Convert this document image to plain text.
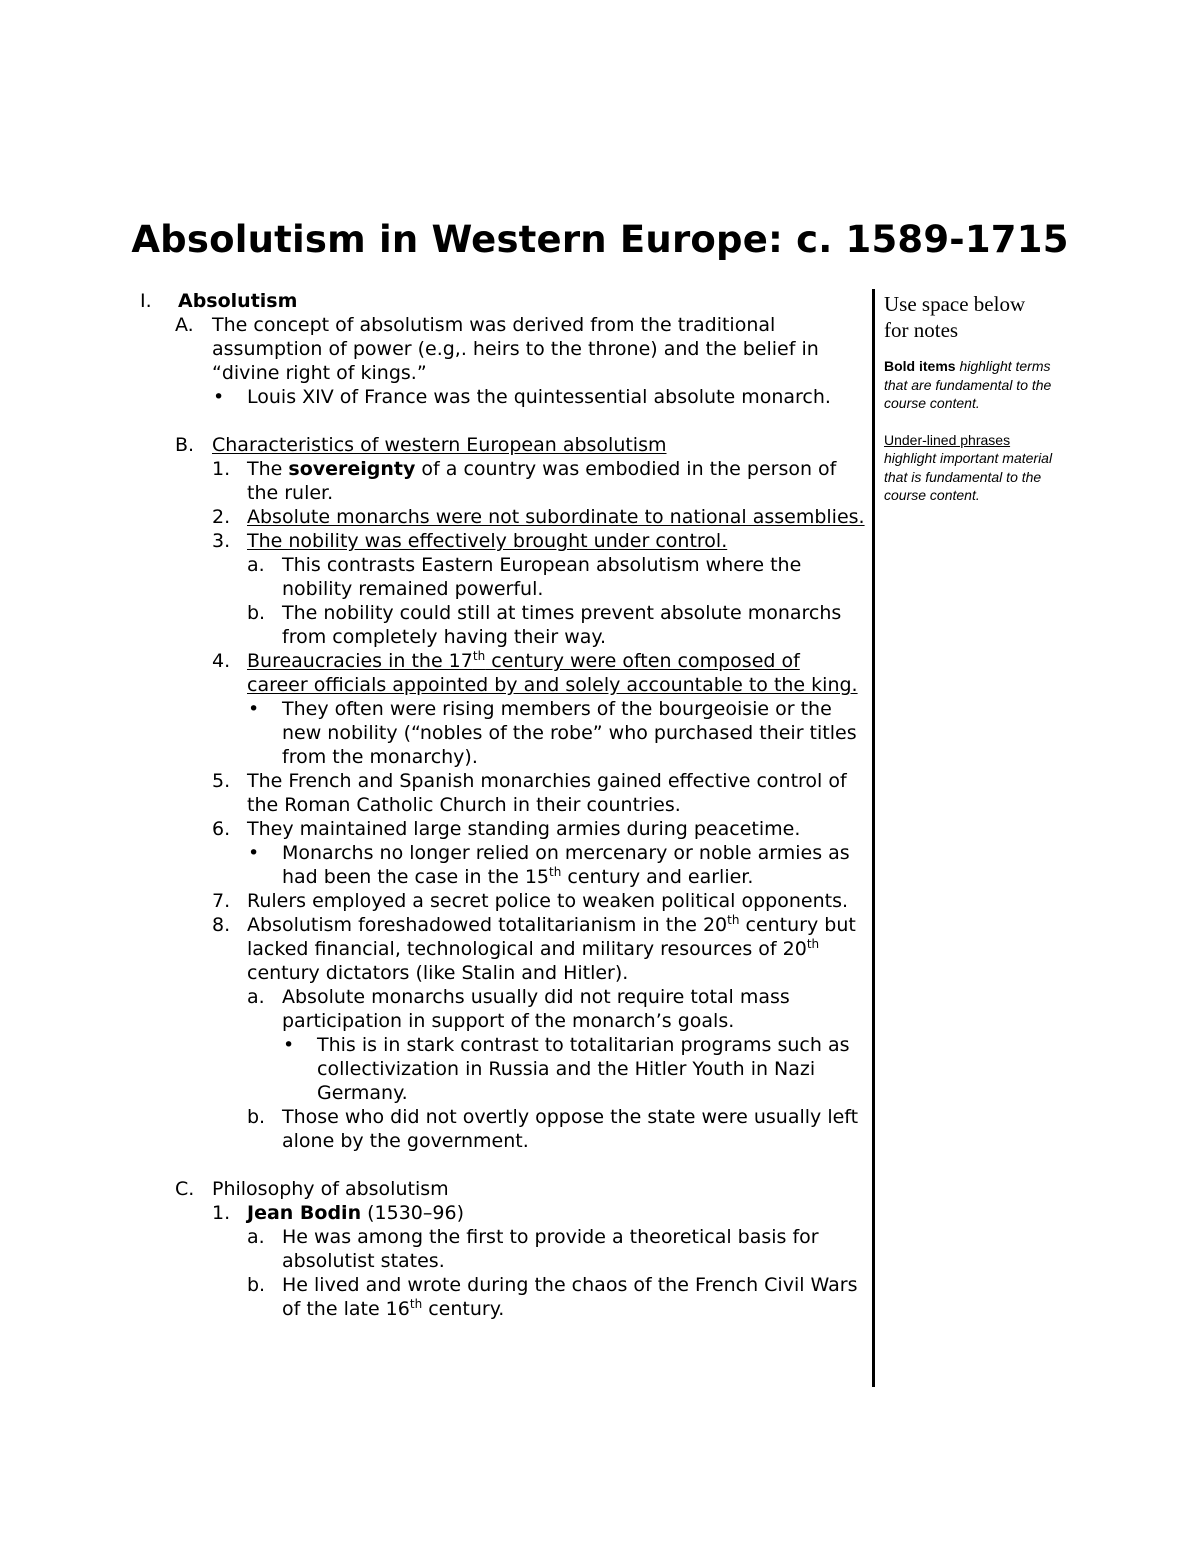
Absolutism in Western Europe: c. 1589-1715
I. Absolutism
A. The concept of absolutism was derived from the traditional assumption of power (e.g,. heirs to the throne) and the belief in “divine right of kings.”
• Louis XIV of France was the quintessential absolute monarch.
B. Characteristics of western European absolutism
1. The sovereignty of a country was embodied in the person of the ruler.
2. Absolute monarchs were not subordinate to national assemblies.
3. The nobility was effectively brought under control.
a. This contrasts Eastern European absolutism where the nobility remained powerful.
b. The nobility could still at times prevent absolute monarchs from completely having their way.
4. Bureaucracies in the 17th century were often composed of career officials appointed by and solely accountable to the king.
• They often were rising members of the bourgeoisie or the new nobility (“nobles of the robe” who purchased their titles from the monarchy).
5. The French and Spanish monarchies gained effective control of the Roman Catholic Church in their countries.
6. They maintained large standing armies during peacetime.
• Monarchs no longer relied on mercenary or noble armies as had been the case in the 15th century and earlier.
7. Rulers employed a secret police to weaken political opponents.
8. Absolutism foreshadowed totalitarianism in the 20th century but lacked financial, technological and military resources of 20th century dictators (like Stalin and Hitler).
a. Absolute monarchs usually did not require total mass participation in support of the monarch’s goals.
• This is in stark contrast to totalitarian programs such as collectivization in Russia and the Hitler Youth in Nazi Germany.
b. Those who did not overtly oppose the state were usually left alone by the government.
C. Philosophy of absolutism
1. Jean Bodin (1530–96)
a. He was among the first to provide a theoretical basis for absolutist states.
b. He lived and wrote during the chaos of the French Civil Wars of the late 16th century.
Use space below for notes
Bold items highlight terms that are fundamental to the course content.
Under-lined phrases highlight important material that is fundamental to the course content.
